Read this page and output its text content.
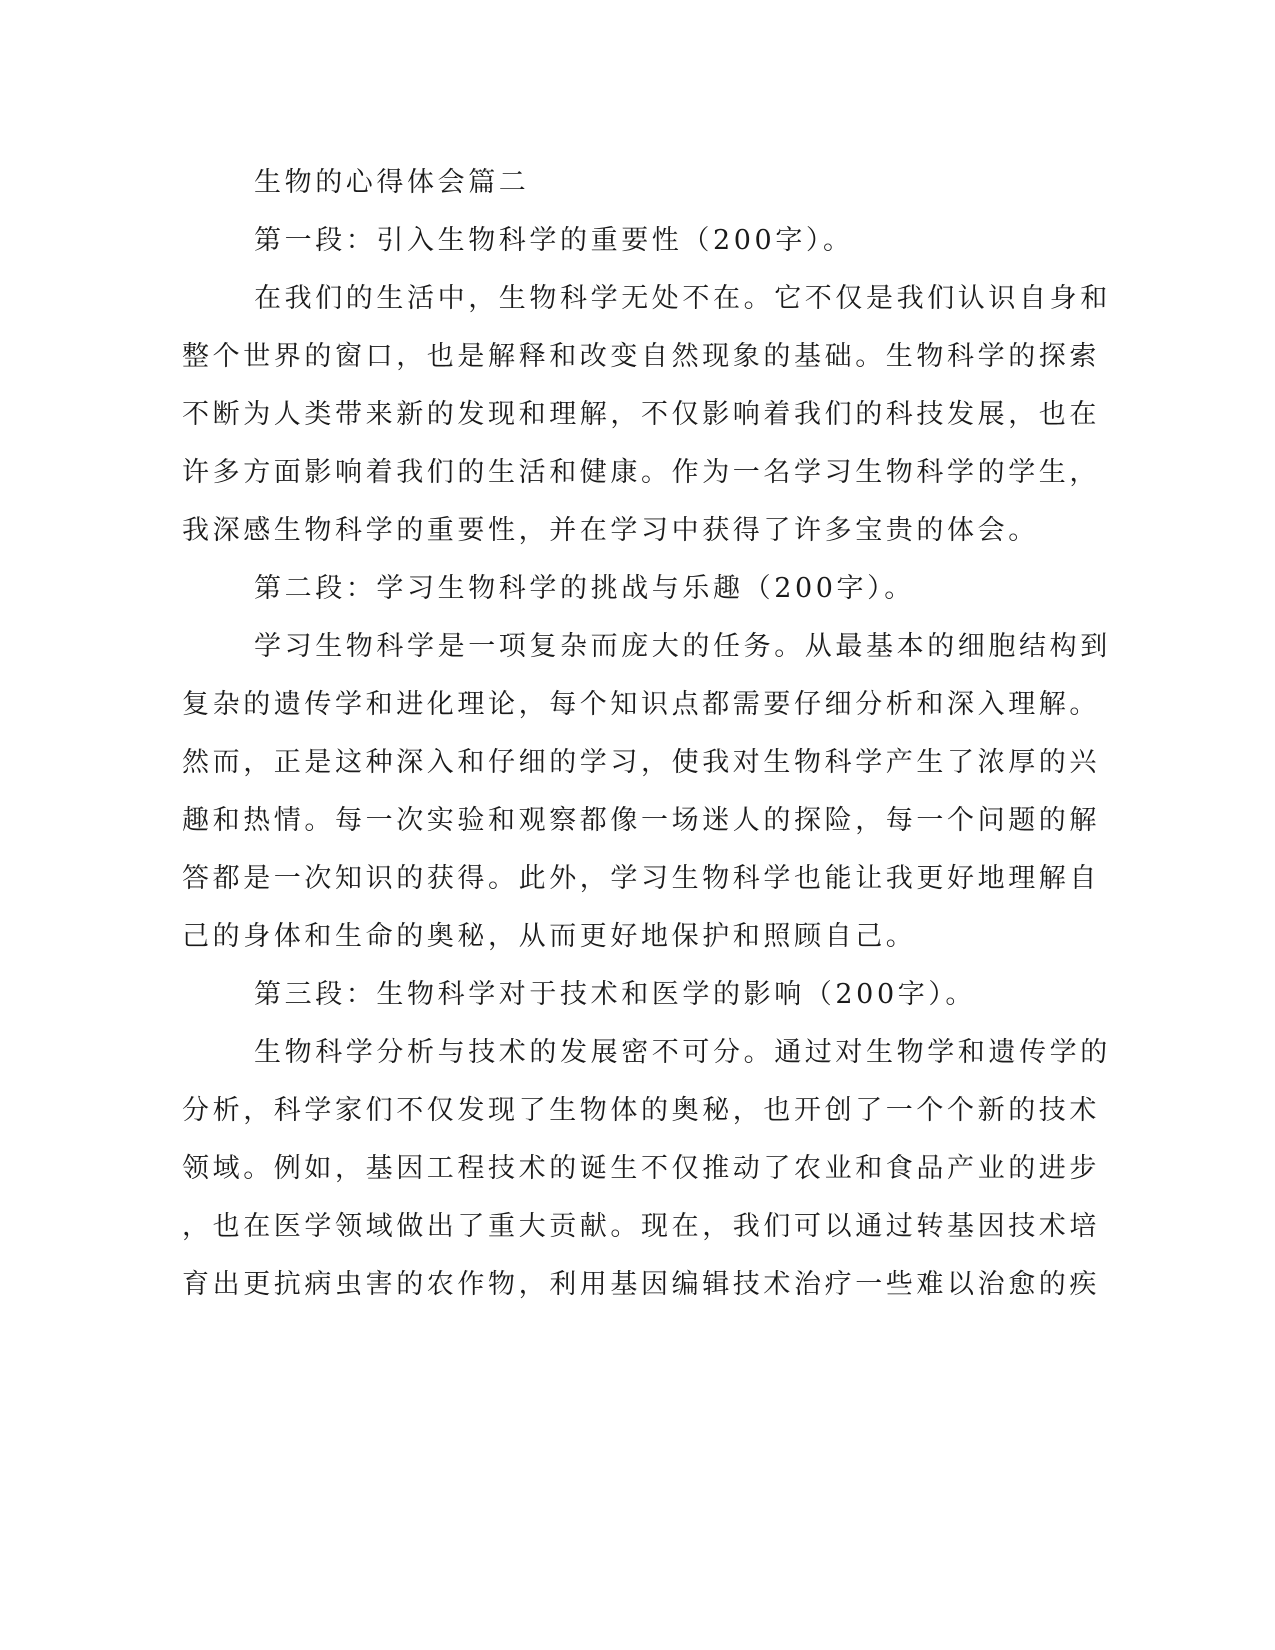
生物的心得体会篇二
第一段：引入生物科学的重要性（200字）。
在我们的生活中，生物科学无处不在。它不仅是我们认识自身和
整个世界的窗口，也是解释和改变自然现象的基础。生物科学的探索
不断为人类带来新的发现和理解，不仅影响着我们的科技发展，也在
许多方面影响着我们的生活和健康。作为一名学习生物科学的学生，
我深感生物科学的重要性，并在学习中获得了许多宝贵的体会。
第二段：学习生物科学的挑战与乐趣（200字）。
学习生物科学是一项复杂而庞大的任务。从最基本的细胞结构到
复杂的遗传学和进化理论，每个知识点都需要仔细分析和深入理解。
然而，正是这种深入和仔细的学习，使我对生物科学产生了浓厚的兴
趣和热情。每一次实验和观察都像一场迷人的探险，每一个问题的解
答都是一次知识的获得。此外，学习生物科学也能让我更好地理解自
己的身体和生命的奥秘，从而更好地保护和照顾自己。
第三段：生物科学对于技术和医学的影响（200字）。
生物科学分析与技术的发展密不可分。通过对生物学和遗传学的
分析，科学家们不仅发现了生物体的奥秘，也开创了一个个新的技术
领域。例如，基因工程技术的诞生不仅推动了农业和食品产业的进步
，也在医学领域做出了重大贡献。现在，我们可以通过转基因技术培
育出更抗病虫害的农作物，利用基因编辑技术治疗一些难以治愈的疾
